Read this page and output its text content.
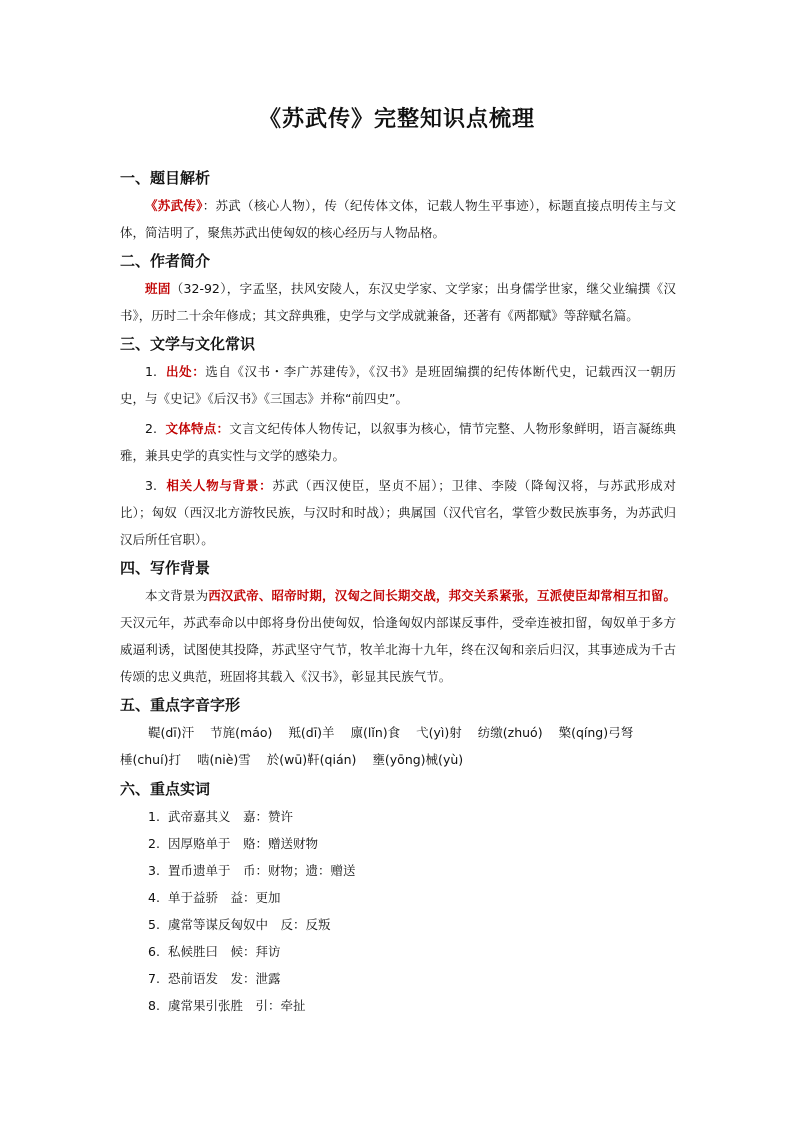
《苏武传》完整知识点梳理
一、题目解析

《苏武传》：苏武（核心人物），传（纪传体文体，记载人物生平事迹），标题直接点明传主与文体，简洁明了，聚焦苏武出使匈奴的核心经历与人物品格。

二、作者简介

班固（32-92），字孟坚，扶风安陵人，东汉史学家、文学家；出身儒学世家，继父业编撰《汉书》，历时二十余年修成；其文辞典雅，史学与文学成就兼备，还著有《两都赋》等辞赋名篇。

三、文学与文化常识

1. 出处：选自《汉书・李广苏建传》，《汉书》是班固编撰的纪传体断代史，记载西汉一朝历史，与《史记》《后汉书》《三国志》并称“前四史”。

2. 文体特点：文言文纪传体人物传记，以叙事为核心，情节完整、人物形象鲜明，语言凝练典雅，兼具史学的真实性与文学的感染力。

3. 相关人物与背景：苏武（西汉使臣，坚贞不屈）；卫律、李陵（降匈汉将，与苏武形成对比）；匈奴（西汉北方游牧民族，与汉时和时战）；典属国（汉代官名，掌管少数民族事务，为苏武归汉后所任官职）。

四、写作背景

本文背景为西汉武帝、昭帝时期，汉匈之间长期交战，邦交关系紧张，互派使臣却常相互扣留。天汉元年，苏武奉命以中郎将身份出使匈奴，恰逢匈奴内部谋反事件，受牵连被扣留，匈奴单于多方威逼利诱，试图使其投降，苏武坚守气节，牧羊北海十九年，终在汉匈和亲后归汉，其事迹成为千古传颂的忠义典范，班固将其载入《汉书》，彰显其民族气节。

五、重点字音字形
鞮(dī)汗 节旄(máo) 羝(dī)羊 廪(lǐn)食 弋(yì)射 纺缴(zhuó) 檠(qíng)弓弩
棰(chuí)打 啮(niè)雪 於(wū)靬(qián) 壅(yōng)械(yù)
六、重点实词
1. 武帝嘉其义　嘉：赞许
2. 因厚赂单于　赂：赠送财物
3. 置币遗单于　币：财物；遗：赠送
4. 单于益骄　益：更加
5. 虞常等谋反匈奴中　反：反叛
6. 私候胜曰　候：拜访
7. 恐前语发　发：泄露
8. 虞常果引张胜　引：牵扯
